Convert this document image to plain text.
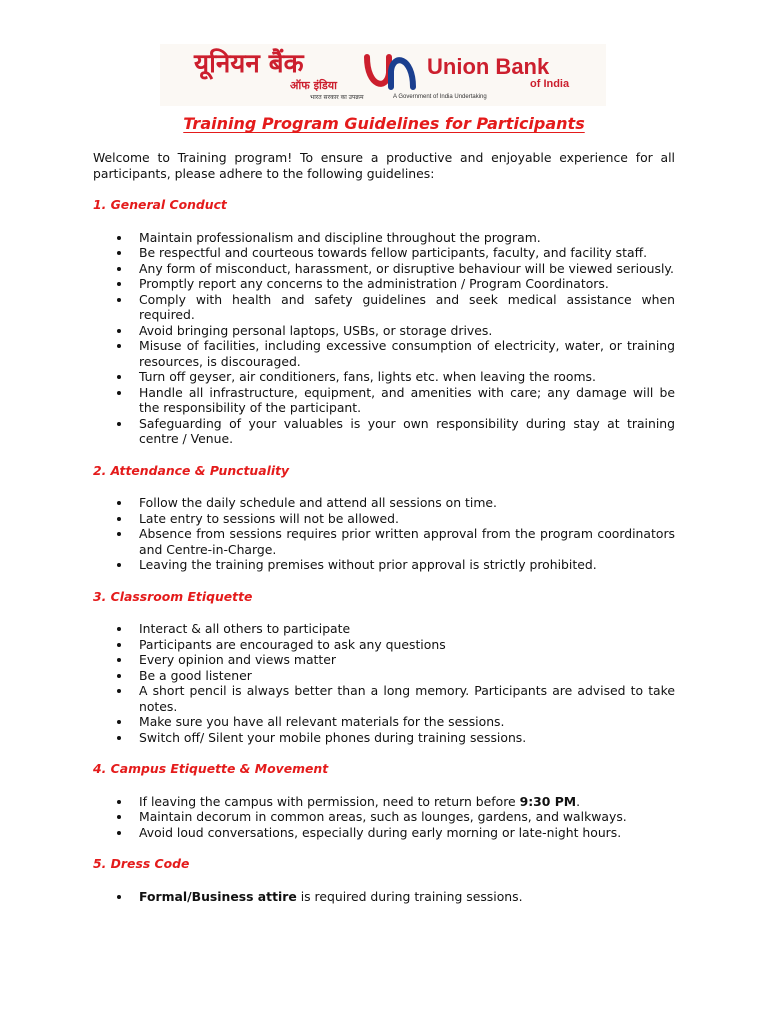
यूनियन बैंक
ऑफ इंडिया
Union Bank
of India
भारत सरकार का उपक्रम	A Government of India Undertaking
Training Program Guidelines for Participants

Welcome to Training program! To ensure a productive and enjoyable experience for all participants, please adhere to the following guidelines:

1. General Conduct
Maintain professionalism and discipline throughout the program.
Be respectful and courteous towards fellow participants, faculty, and facility staff.
Any form of misconduct, harassment, or disruptive behaviour will be viewed seriously.
Promptly report any concerns to the administration / Program Coordinators.
Comply with health and safety guidelines and seek medical assistance when required.
Avoid bringing personal laptops, USBs, or storage drives.
Misuse of facilities, including excessive consumption of electricity, water, or training resources, is discouraged.
Turn off geyser, air conditioners, fans, lights etc. when leaving the rooms.
Handle all infrastructure, equipment, and amenities with care; any damage will be the responsibility of the participant.
Safeguarding of your valuables is your own responsibility during stay at training centre / Venue.
2. Attendance & Punctuality
Follow the daily schedule and attend all sessions on time.
Late entry to sessions will not be allowed.
Absence from sessions requires prior written approval from the program coordinators and Centre-in-Charge.
Leaving the training premises without prior approval is strictly prohibited.
3. Classroom Etiquette
Interact & all others to participate
Participants are encouraged to ask any questions
Every opinion and views matter
Be a good listener
A short pencil is always better than a long memory. Participants are advised to take notes.
Make sure you have all relevant materials for the sessions.
Switch off/ Silent your mobile phones during training sessions.
4. Campus Etiquette & Movement
If leaving the campus with permission, need to return before 9:30 PM.
Maintain decorum in common areas, such as lounges, gardens, and walkways.
Avoid loud conversations, especially during early morning or late-night hours.
5. Dress Code
Formal/Business attire is required during training sessions.
